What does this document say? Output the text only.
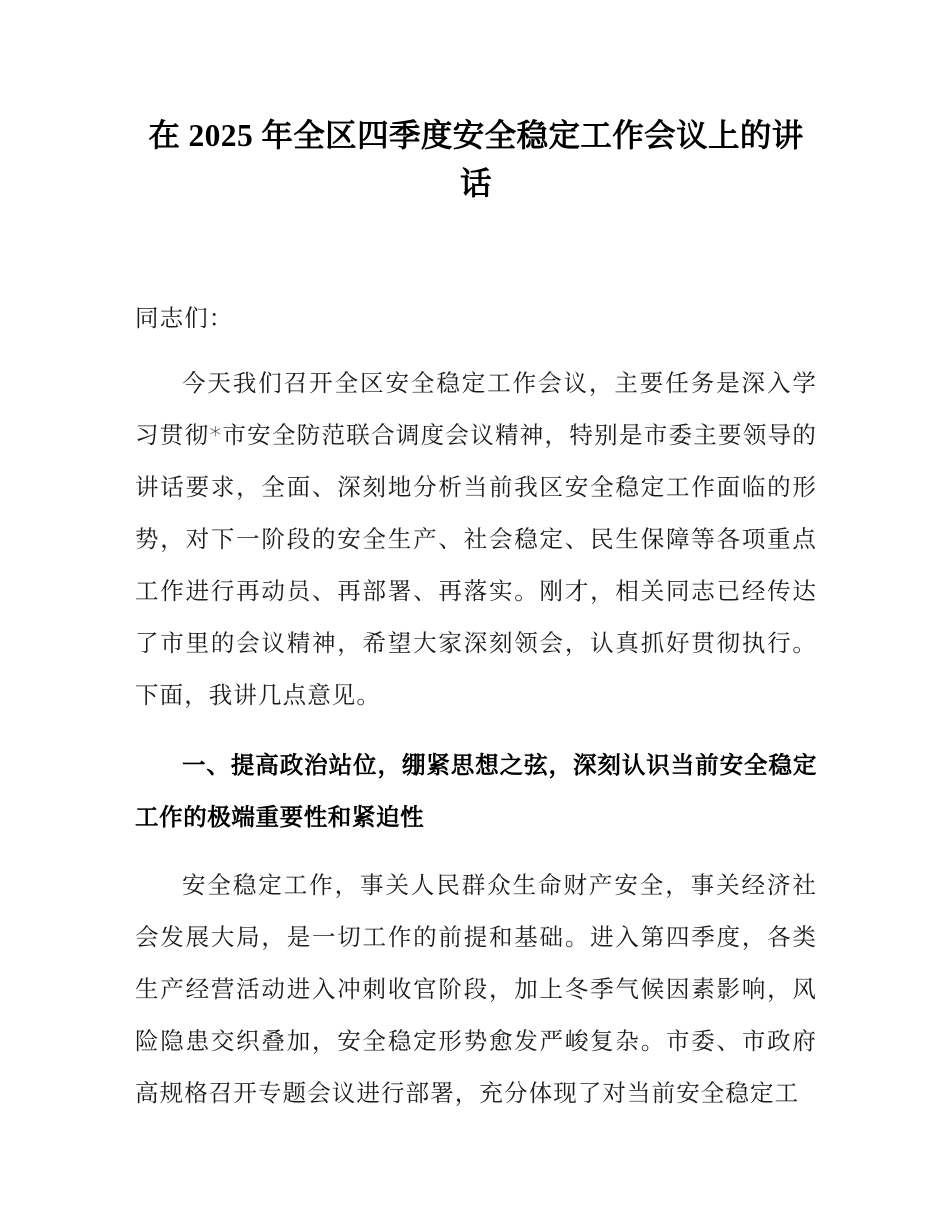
在 2025 年全区四季度安全稳定工作会议上的讲话

同志们：

今天我们召开全区安全稳定工作会议，主要任务是深入学习贯彻*市安全防范联合调度会议精神，特别是市委主要领导的讲话要求，全面、深刻地分析当前我区安全稳定工作面临的形势，对下一阶段的安全生产、社会稳定、民生保障等各项重点工作进行再动员、再部署、再落实。刚才，相关同志已经传达了市里的会议精神，希望大家深刻领会，认真抓好贯彻执行。下面，我讲几点意见。

一、提高政治站位，绷紧思想之弦，深刻认识当前安全稳定工作的极端重要性和紧迫性

安全稳定工作，事关人民群众生命财产安全，事关经济社会发展大局，是一切工作的前提和基础。进入第四季度，各类生产经营活动进入冲刺收官阶段，加上冬季气候因素影响，风险隐患交织叠加，安全稳定形势愈发严峻复杂。市委、市政府高规格召开专题会议进行部署，充分体现了对当前安全稳定工
